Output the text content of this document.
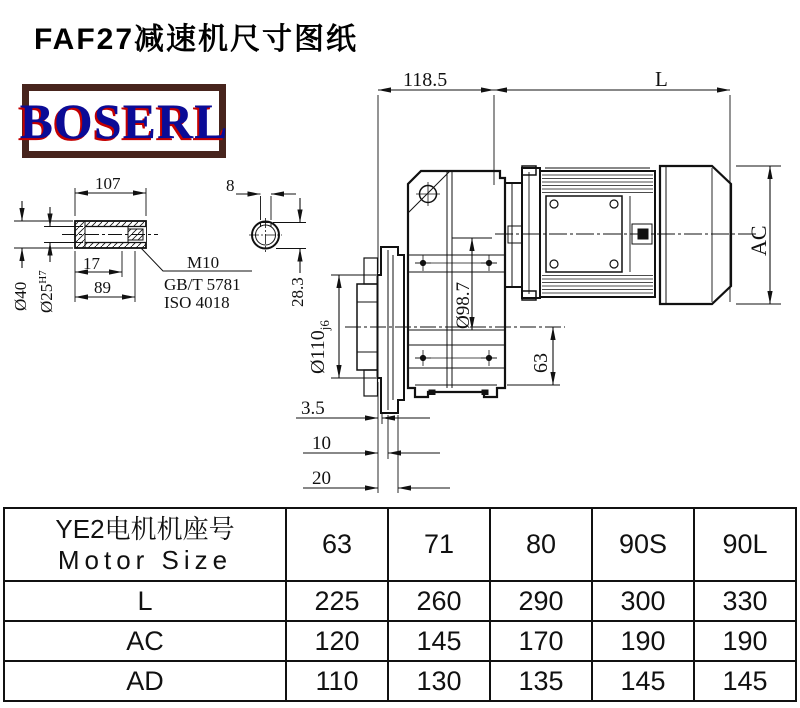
FAF27减速机尺寸图纸
BOSERL
107
17
89
Ø40 $Ø25^{H7}$
M10
GB/T 5781
ISO 4018
8
28.3
118.5	L
AC
Ø98.7
$Ø110_{j6}$
63
3.5
10
20
YE2电机机座号
Motor Size	63	71	80	90S	90L
L	225	260	290	300	330
AC	120	145	170	190	190
AD	110	130	135	145	145
